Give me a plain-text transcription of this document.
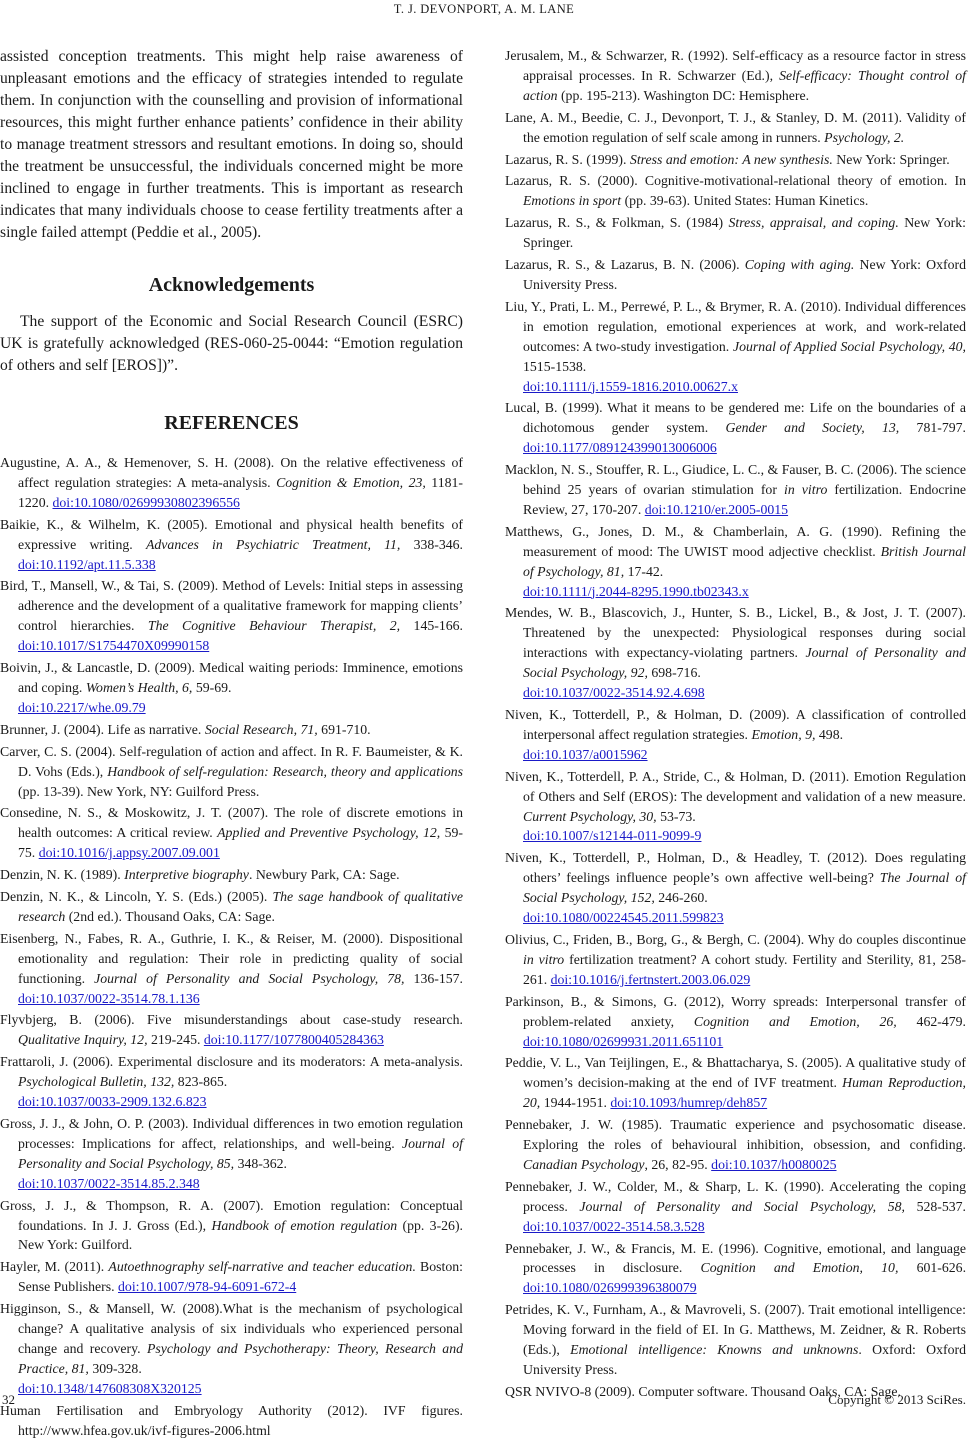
T. J. DEVONPORT, A. M. LANE

assisted conception treatments. This might help raise awareness of unpleasant emotions and the efficacy of strategies intended to regulate them. In conjunction with the counselling and provision of informational resources, this might further enhance patients’ confidence in their ability to manage treatment stressors and resultant emotions. In doing so, should the treatment be unsuccessful, the individuals concerned might be more inclined to engage in further treatments. This is important as research indicates that many individuals choose to cease fertility treatments after a single failed attempt (Peddie et al., 2005).

Acknowledgements

The support of the Economic and Social Research Council (ESRC) UK is gratefully acknowledged (RES-060-25-0044: “Emotion regulation of others and self [EROS])”.

REFERENCES
Augustine, A. A., & Hemenover, S. H. (2008). On the relative effectiveness of affect regulation strategies: A meta-analysis. Cognition & Emotion, 23, 1181-1220. doi:10.1080/02699930802396556
Baikie, K., & Wilhelm, K. (2005). Emotional and physical health benefits of expressive writing. Advances in Psychiatric Treatment, 11, 338-346. doi:10.1192/apt.11.5.338
Bird, T., Mansell, W., & Tai, S. (2009). Method of Levels: Initial steps in assessing adherence and the development of a qualitative framework for mapping clients’ control hierarchies. The Cognitive Behaviour Therapist, 2, 145-166. doi:10.1017/S1754470X09990158
Boivin, J., & Lancastle, D. (2009). Medical waiting periods: Imminence, emotions and coping. Women’s Health, 6, 59-69.
doi:10.2217/whe.09.79
Brunner, J. (2004). Life as narrative. Social Research, 71, 691-710.
Carver, C. S. (2004). Self-regulation of action and affect. In R. F. Baumeister, & K. D. Vohs (Eds.), Handbook of self-regulation: Research, theory and applications (pp. 13-39). New York, NY: Guilford Press.
Consedine, N. S., & Moskowitz, J. T. (2007). The role of discrete emotions in health outcomes: A critical review. Applied and Preventive Psychology, 12, 59-75. doi:10.1016/j.appsy.2007.09.001
Denzin, N. K. (1989). Interpretive biography. Newbury Park, CA: Sage.
Denzin, N. K., & Lincoln, Y. S. (Eds.) (2005). The sage handbook of qualitative research (2nd ed.). Thousand Oaks, CA: Sage.
Eisenberg, N., Fabes, R. A., Guthrie, I. K., & Reiser, M. (2000). Dispositional emotionality and regulation: Their role in predicting quality of social functioning. Journal of Personality and Social Psychology, 78, 136-157. doi:10.1037/0022-3514.78.1.136
Flyvbjerg, B. (2006). Five misunderstandings about case-study research. Qualitative Inquiry, 12, 219-245. doi:10.1177/1077800405284363
Frattaroli, J. (2006). Experimental disclosure and its moderators: A meta-analysis. Psychological Bulletin, 132, 823-865.
doi:10.1037/0033-2909.132.6.823
Gross, J. J., & John, O. P. (2003). Individual differences in two emotion regulation processes: Implications for affect, relationships, and well-being. Journal of Personality and Social Psychology, 85, 348-362.
doi:10.1037/0022-3514.85.2.348
Gross, J. J., & Thompson, R. A. (2007). Emotion regulation: Conceptual foundations. In J. J. Gross (Ed.), Handbook of emotion regulation (pp. 3-26). New York: Guilford.
Hayler, M. (2011). Autoethnography self-narrative and teacher education. Boston: Sense Publishers. doi:10.1007/978-94-6091-672-4
Higginson, S., & Mansell, W. (2008).What is the mechanism of psychological change? A qualitative analysis of six individuals who experienced personal change and recovery. Psychology and Psychotherapy: Theory, Research and Practice, 81, 309-328.
doi:10.1348/147608308X320125
Human Fertilisation and Embryology Authority (2012). IVF figures. http://www.hfea.gov.uk/ivf-figures-2006.html
Jerusalem, M., & Schwarzer, R. (1992). Self-efficacy as a resource factor in stress appraisal processes. In R. Schwarzer (Ed.), Self-efficacy: Thought control of action (pp. 195-213). Washington DC: Hemisphere.
Lane, A. M., Beedie, C. J., Devonport, T. J., & Stanley, D. M. (2011). Validity of the emotion regulation of self scale among in runners. Psychology, 2.
Lazarus, R. S. (1999). Stress and emotion: A new synthesis. New York: Springer.
Lazarus, R. S. (2000). Cognitive-motivational-relational theory of emotion. In Emotions in sport (pp. 39-63). United States: Human Kinetics.
Lazarus, R. S., & Folkman, S. (1984) Stress, appraisal, and coping. New York: Springer.
Lazarus, R. S., & Lazarus, B. N. (2006). Coping with aging. New York: Oxford University Press.
Liu, Y., Prati, L. M., Perrewé, P. L., & Brymer, R. A. (2010). Individual differences in emotion regulation, emotional experiences at work, and work-related outcomes: A two-study investigation. Journal of Applied Social Psychology, 40, 1515-1538.
doi:10.1111/j.1559-1816.2010.00627.x
Lucal, B. (1999). What it means to be gendered me: Life on the boundaries of a dichotomous gender system. Gender and Society, 13, 781-797. doi:10.1177/089124399013006006
Macklon, N. S., Stouffer, R. L., Giudice, L. C., & Fauser, B. C. (2006). The science behind 25 years of ovarian stimulation for in vitro fertilization. Endocrine Review, 27, 170-207. doi:10.1210/er.2005-0015
Matthews, G., Jones, D. M., & Chamberlain, A. G. (1990). Refining the measurement of mood: The UWIST mood adjective checklist. British Journal of Psychology, 81, 17-42.
doi:10.1111/j.2044-8295.1990.tb02343.x
Mendes, W. B., Blascovich, J., Hunter, S. B., Lickel, B., & Jost, J. T. (2007). Threatened by the unexpected: Physiological responses during social interactions with expectancy-violating partners. Journal of Personality and Social Psychology, 92, 698-716.
doi:10.1037/0022-3514.92.4.698
Niven, K., Totterdell, P., & Holman, D. (2009). A classification of controlled interpersonal affect regulation strategies. Emotion, 9, 498.
doi:10.1037/a0015962
Niven, K., Totterdell, P. A., Stride, C., & Holman, D. (2011). Emotion Regulation of Others and Self (EROS): The development and validation of a new measure. Current Psychology, 30, 53-73.
doi:10.1007/s12144-011-9099-9
Niven, K., Totterdell, P., Holman, D., & Headley, T. (2012). Does regulating others’ feelings influence people’s own affective well-being? The Journal of Social Psychology, 152, 246-260.
doi:10.1080/00224545.2011.599823
Olivius, C., Friden, B., Borg, G., & Bergh, C. (2004). Why do couples discontinue in vitro fertilization treatment? A cohort study. Fertility and Sterility, 81, 258-261. doi:10.1016/j.fertnstert.2003.06.029
Parkinson, B., & Simons, G. (2012), Worry spreads: Interpersonal transfer of problem-related anxiety, Cognition and Emotion, 26, 462-479. doi:10.1080/02699931.2011.651101
Peddie, V. L., Van Teijlingen, E., & Bhattacharya, S. (2005). A qualitative study of women’s decision-making at the end of IVF treatment. Human Reproduction, 20, 1944-1951. doi:10.1093/humrep/deh857
Pennebaker, J. W. (1985). Traumatic experience and psychosomatic disease. Exploring the roles of behavioural inhibition, obsession, and confiding. Canadian Psychology, 26, 82-95. doi:10.1037/h0080025
Pennebaker, J. W., Colder, M., & Sharp, L. K. (1990). Accelerating the coping process. Journal of Personality and Social Psychology, 58, 528-537. doi:10.1037/0022-3514.58.3.528
Pennebaker, J. W., & Francis, M. E. (1996). Cognitive, emotional, and language processes in disclosure. Cognition and Emotion, 10, 601-626. doi:10.1080/026999396380079
Petrides, K. V., Furnham, A., & Mavroveli, S. (2007). Trait emotional intelligence: Moving forward in the field of EI. In G. Matthews, M. Zeidner, & R. Roberts (Eds.), Emotional intelligence: Knowns and unknowns. Oxford: Oxford University Press.
QSR NVIVO-8 (2009). Computer software. Thousand Oaks, CA: Sage.
32	Copyright © 2013 SciRes.
